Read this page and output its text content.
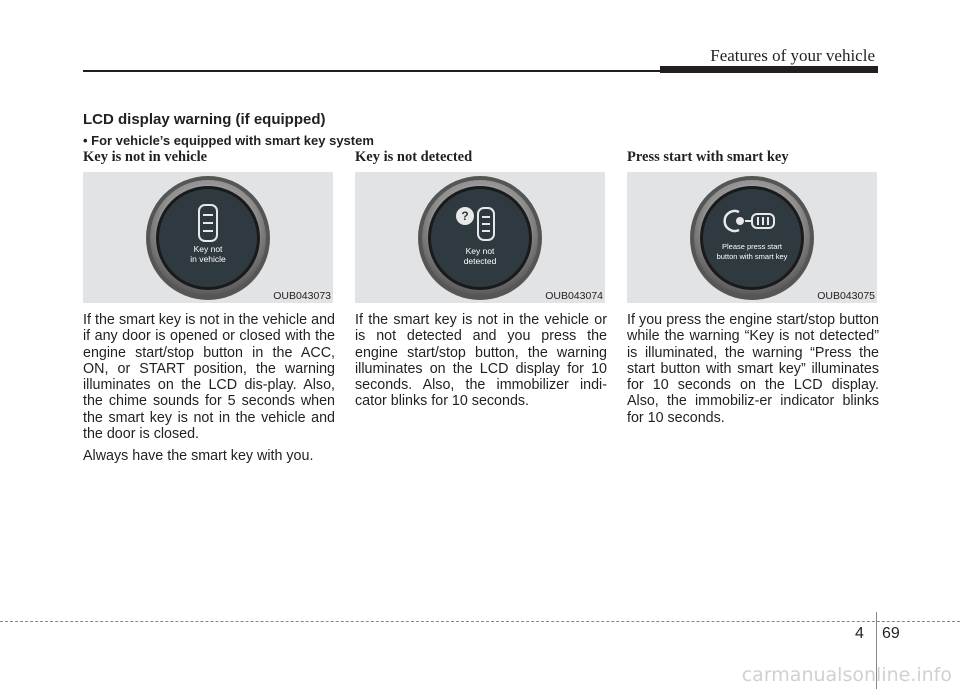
Features of your vehicle
LCD display warning (if equipped)
• For vehicle’s equipped with smart key system
Key is not in vehicle
Key not
in vehicle
OUB043073

If the smart key is not in the vehicle and if any door is opened or closed with the engine start/stop button in the ACC, ON, or START position, the warning illuminates on the LCD dis-play. Also, the chime sounds for 5 seconds when the smart key is not in the vehicle and the door is closed.

Always have the smart key with you.

Key is not detected
?
Key not
detected
OUB043074

If the smart key is not in the vehicle or is not detected and you press the engine start/stop button, the warning illuminates on the LCD display for 10 seconds. Also, the immobilizer indi-cator blinks for 10 seconds.

Press start with smart key
Please press start
button with smart key
OUB043075

If you press the engine start/stop button while the warning “Key is not detected” is illuminated, the warning “Press the start button with smart key” illuminates for 10 seconds on the LCD display. Also, the immobiliz-er indicator blinks for 10 seconds.

4 69
carmanualsonline.info
